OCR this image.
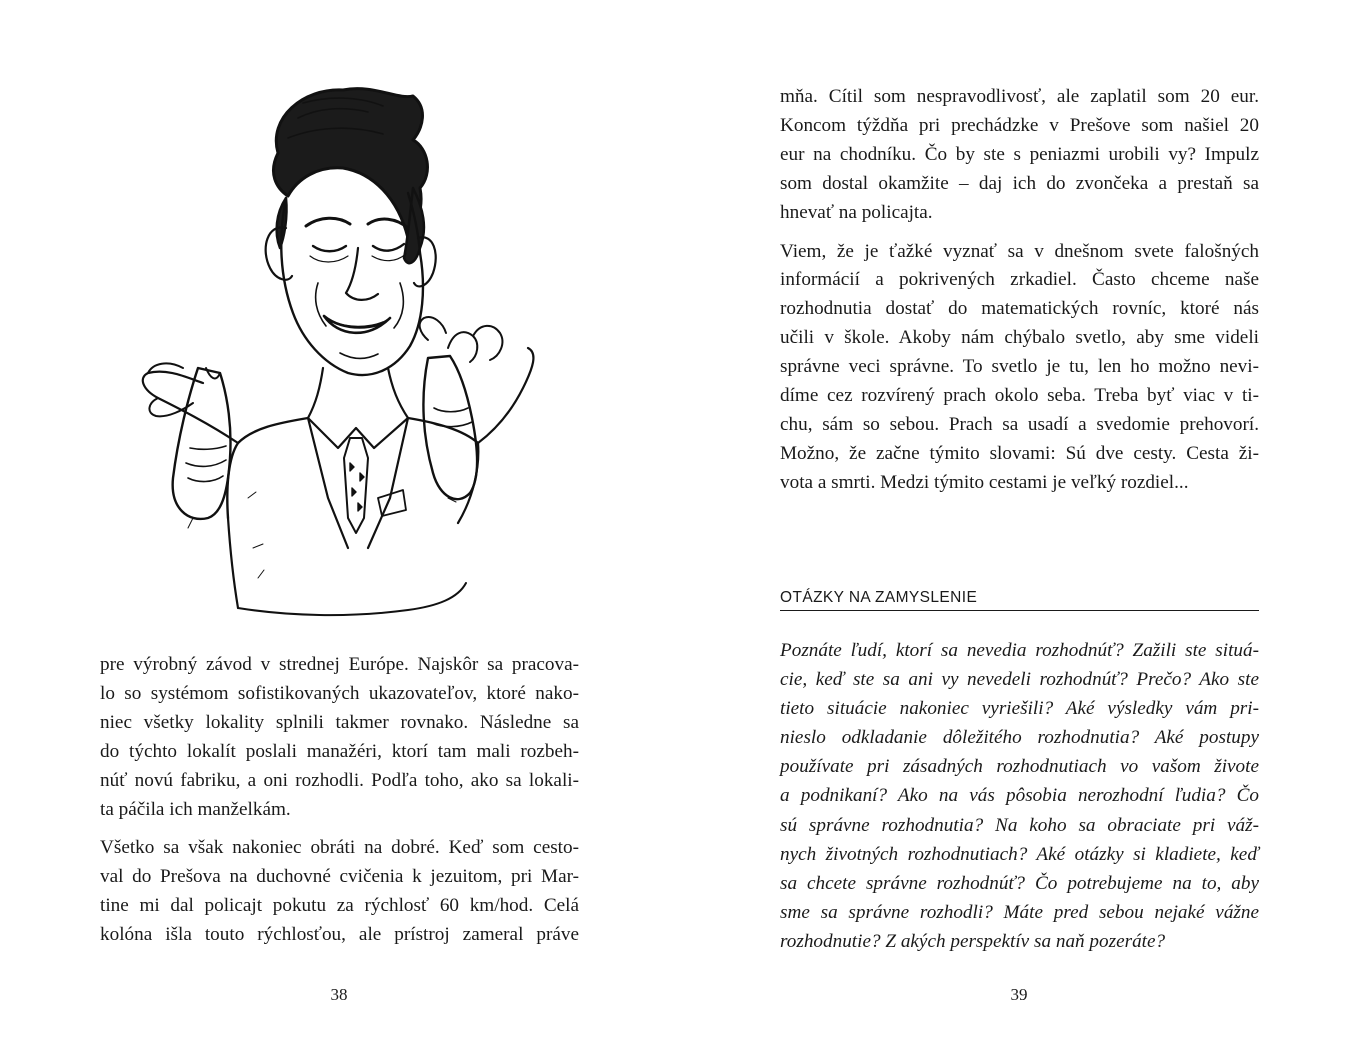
pre výrobný závod v strednej Európe. Najskôr sa pracova-
lo so systémom sofistikovaných ukazovateľov, ktoré nako-
niec všetky lokality splnili takmer rovnako. Následne sa
do týchto lokalít poslali manažéri, ktorí tam mali rozbeh-
núť novú fabriku, a oni rozhodli. Podľa toho, ako sa lokali-
ta páčila ich manželkám.

Všetko sa však nakoniec obráti na dobré. Keď som cesto-
val do Prešova na duchovné cvičenia k jezuitom, pri Mar-
tine mi dal policajt pokutu za rýchlosť 60 km/hod. Celá
kolóna išla touto rýchlosťou, ale prístroj zameral práve

38

mňa. Cítil som nespravodlivosť, ale zaplatil som 20 eur.
Koncom týždňa pri prechádzke v Prešove som našiel 20
eur na chodníku. Čo by ste s peniazmi urobili vy? Impulz
som dostal okamžite – daj ich do zvončeka a prestaň sa
hnevať na policajta.

Viem, že je ťažké vyznať sa v dnešnom svete falošných
informácií a pokrivených zrkadiel. Často chceme naše
rozhodnutia dostať do matematických rovníc, ktoré nás
učili v škole. Akoby nám chýbalo svetlo, aby sme videli
správne veci správne. To svetlo je tu, len ho možno nevi-
díme cez rozvírený prach okolo seba. Treba byť viac v ti-
chu, sám so sebou. Prach sa usadí a svedomie prehovorí.
Možno, že začne týmito slovami: Sú dve cesty. Cesta ži-
vota a smrti. Medzi týmito cestami je veľký rozdiel...

OTÁZKY NA ZAMYSLENIE
Poznáte ľudí, ktorí sa nevedia rozhodnúť? Zažili ste situá-
cie, keď ste sa ani vy nevedeli rozhodnúť? Prečo? Ako ste
tieto situácie nakoniec vyriešili? Aké výsledky vám pri-
nieslo odkladanie dôležitého rozhodnutia? Aké postupy
používate pri zásadných rozhodnutiach vo vašom živote
a podnikaní? Ako na vás pôsobia nerozhodní ľudia? Čo
sú správne rozhodnutia? Na koho sa obraciate pri váž-
nych životných rozhodnutiach? Aké otázky si kladiete, keď
sa chcete správne rozhodnúť? Čo potrebujeme na to, aby
sme sa správne rozhodli? Máte pred sebou nejaké vážne
rozhodnutie? Z akých perspektív sa naň pozeráte?
39
